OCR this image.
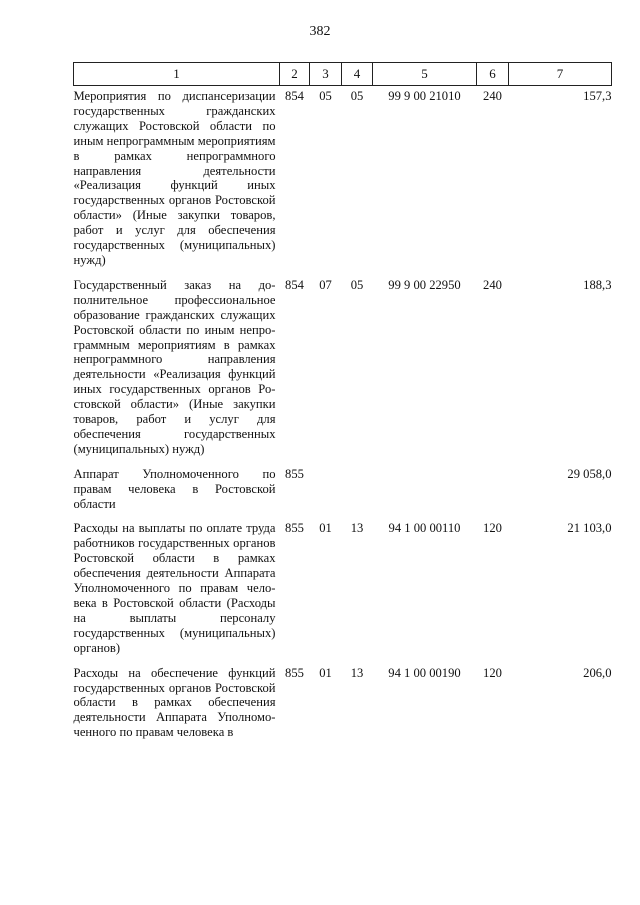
382
1	2	3	4	5	6	7
Мероприятия по диспансеризации государственных гражданских служащих Ростовской области по иным непрограммным мероприятиям в рамках непрограммного направления деятельности «Реализация функций иных государственных органов Ростовской области» (Иные закупки товаров, работ и услуг для обеспечения государственных (муниципальных) нужд)	854	05	05	99 9 00 21010	240	157,3
Государственный заказ на дополнительное профессиональное образование гражданских служащих Ростовской области по иным непрограммным мероприятиям в рамках непрограммного направления деятельности «Реализация функций иных государственных органов Ростовской области» (Иные закупки товаров, работ и услуг для обеспечения государственных (муниципальных) нужд)	854	07	05	99 9 00 22950	240	188,3
Аппарат Уполномоченного по правам человека в Ростовской области	855					29 058,0
Расходы на выплаты по оплате труда работников государственных органов Ростовской области в рамках обеспечения деятельности Аппарата Уполномоченного по правам человека в Ростовской области (Расходы на выплаты персоналу государственных (муниципальных) органов)	855	01	13	94 1 00 00110	120	21 103,0
Расходы на обеспечение функций государственных органов Ростовской области в рамках обеспечения деятельности Аппарата Уполномоченного по правам человека в	855	01	13	94 1 00 00190	120	206,0
